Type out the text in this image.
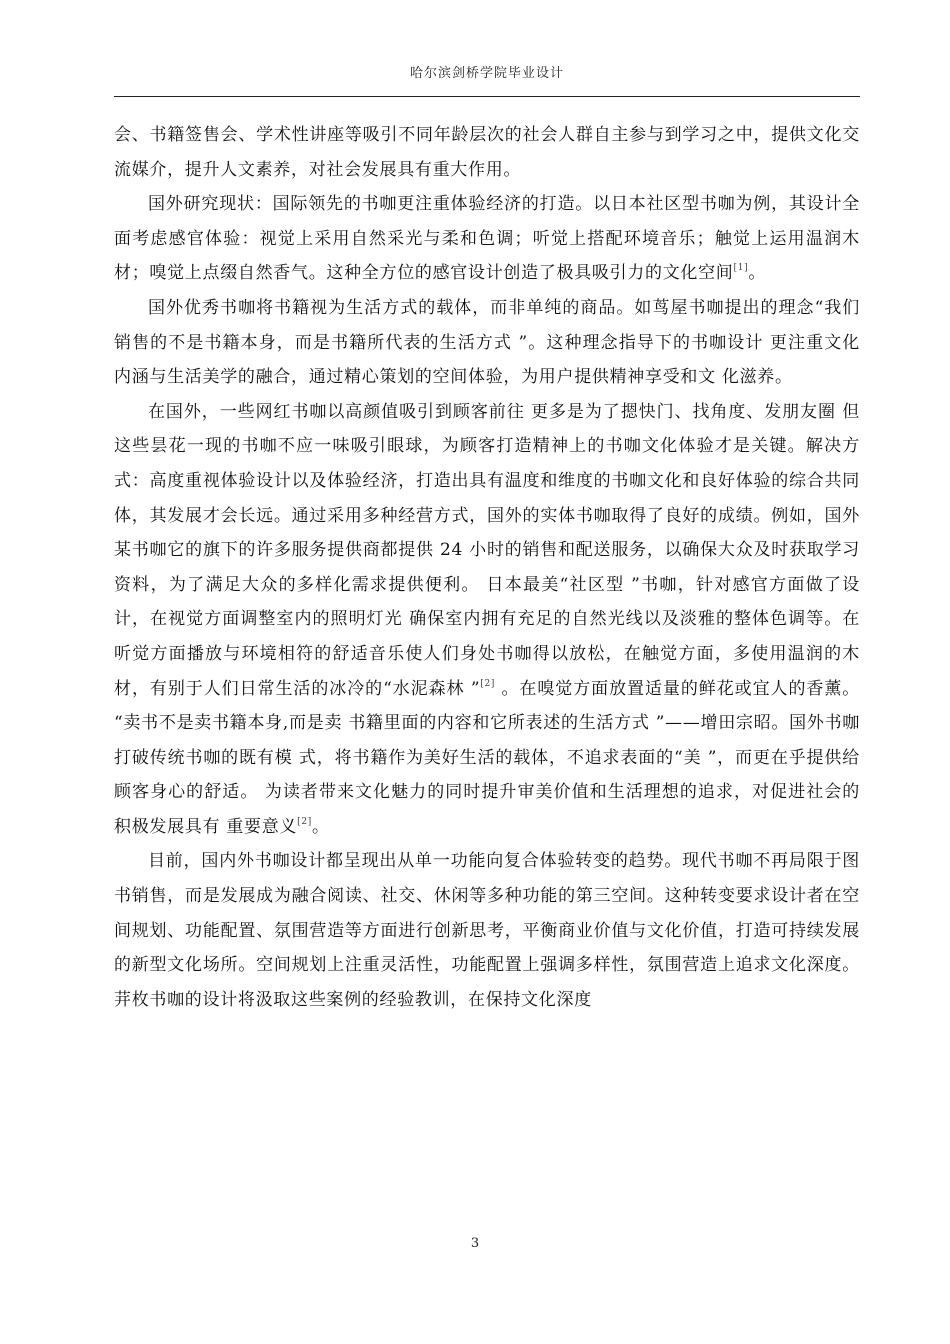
哈尔滨剑桥学院毕业设计

会、书籍签售会、学术性讲座等吸引不同年龄层次的社会人群自主参与到学习之中，提供文化交流媒介，提升人文素养，对社会发展具有重大作用。

国外研究现状：国际领先的书咖更注重体验经济的打造。以日本社区型书咖为例，其设计全面考虑感官体验：视觉上采用自然采光与柔和色调；听觉上搭配环境音乐；触觉上运用温润木材；嗅觉上点缀自然香气。这种全方位的感官设计创造了极具吸引力的文化空间[1]。

国外优秀书咖将书籍视为生活方式的载体，而非单纯的商品。如茑屋书咖提出的理念“我们销售的不是书籍本身，而是书籍所代表的生活方式 ”。这种理念指导下的书咖设计 更注重文化内涵与生活美学的融合，通过精心策划的空间体验，为用户提供精神享受和文 化滋养。

在国外，一些网红书咖以高颜值吸引到顾客前往 更多是为了摁快门、找角度、发朋友圈 但这些昙花一现的书咖不应一味吸引眼球，为顾客打造精神上的书咖文化体验才是关键。解决方式：高度重视体验设计以及体验经济，打造出具有温度和维度的书咖文化和良好体验的综合共同体，其发展才会长远。通过采用多种经营方式，国外的实体书咖取得了良好的成绩。例如，国外某书咖它的旗下的许多服务提供商都提供 24 小时的销售和配送服务，以确保大众及时获取学习资料，为了满足大众的多样化需求提供便利。 日本最美“社区型 ”书咖，针对感官方面做了设计，在视觉方面调整室内的照明灯光 确保室内拥有充足的自然光线以及淡雅的整体色调等。在听觉方面播放与环境相符的舒适音乐使人们身处书咖得以放松，在触觉方面，多使用温润的木材，有别于人们日常生活的冰冷的“水泥森林 ”[2] 。在嗅觉方面放置适量的鲜花或宜人的香薰。 “卖书不是卖书籍本身,而是卖 书籍里面的内容和它所表述的生活方式 ”——增田宗昭。国外书咖打破传统书咖的既有模 式，将书籍作为美好生活的载体，不追求表面的“美 ”，而更在乎提供给顾客身心的舒适。 为读者带来文化魅力的同时提升审美价值和生活理想的追求，对促进社会的积极发展具有 重要意义[2]。

目前，国内外书咖设计都呈现出从单一功能向复合体验转变的趋势。现代书咖不再局限于图书销售，而是发展成为融合阅读、社交、休闲等多种功能的第三空间。这种转变要求设计者在空间规划、功能配置、氛围营造等方面进行创新思考，平衡商业价值与文化价值，打造可持续发展的新型文化场所。空间规划上注重灵活性，功能配置上强调多样性，氛围营造上追求文化深度。茾枚书咖的设计将汲取这些案例的经验教训，在保持文化深度

3
